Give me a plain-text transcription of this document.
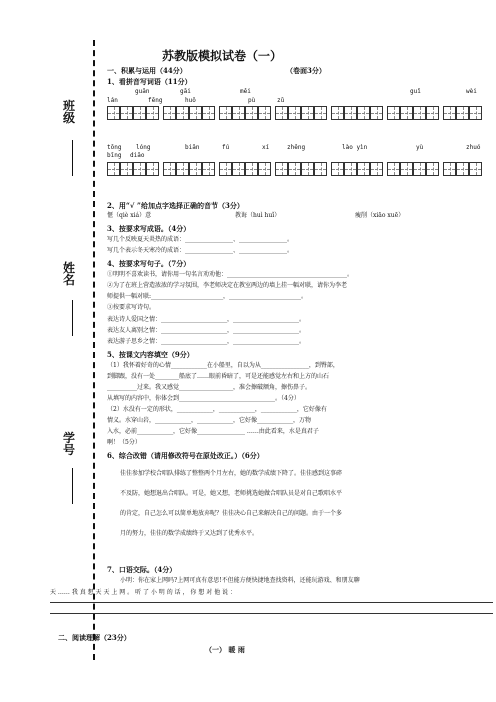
班级
姓名
学号
苏教版模拟试卷（一）
一、积累与运用（44分）	（卷面3分）
1、看拼音写词语（11分）
guān	gāi	měi	guǐ	wèi
lán	fēng	huǒ	pù	zǔ
tōng lóng	biān	fú	xí	zhēng	lào yìn	yù	zhuó
bīng diāo
2、用“√ ”给加点字选择正确的音节（3分）
惬（qiè xiá）意	教诲（huì huǐ）	瘦削（xiāo xuē）
3、按要求写成语。（4分）
写几个反映夏天炎热的成语：________________、________________。
写几个表示冬天寒冷的成语：________________、________________。
4、按要求写句子。（7分）
①明明不喜欢读书，请你用一句名言劝劝他：________________________________________。
②为了在班上营造浓浓的学习氛围，李老师决定在教室两边的墙上挂一幅对联，请你为李老
师提供一幅对联:________________________，________________________。
③按要求写诗句。
表达诗人爱国之情：______________________，______________________。
表达友人离别之情：______________________，______________________。
表达游子思乡之情：______________________，______________________。
5、按课文内容填空（9分）
（1）我怀着好奇的心情____________在小船里，自以为从________________，到臀部，
到脚跟，没有一处________船底了……眼前昏暗了，可是还能感觉左右和上方的山石
__________过来。我又感觉__________________，准会擦破额角，擦伤鼻子。
从填写的内容中，你体会到________________________________。（4分）
（2）水没有一定的形状，____________，____________，____________，它好像有
情义。水穿山岩，____________，____________，它好像____________，万物
入水，必前____________，它好像________________ ……由此看来，水是真君子
啊！（5分）
6、综合改错（请用修改符号在原处改正。）（6分）
佳佳参加学校合唱队排练了整整两个月左右，她的数学成绩下降了。佳佳感到这事碎
不及防，她想退出合唱队。可是，她又想，老师挑选她做合唱队员是对自己歌唱水平
的肯定，自己怎么可以简单地放弃呢？佳佳决心自己来解决自己的问题。由于一个多
月的努力，佳佳的数学成绩终于又达到了优秀水平。
7、口语交际。（4分）
小明：你在家上网吗?上网可真有意思!不但能方便快捷地查找资料，还能玩游戏、和朋友聊
天 …… 我 真 想 天 天 上 网 。 听 了 小 明 的 话 ， 你 想 对 他 说 ：
二、阅读理解（23分）
（一） 暖 雨
